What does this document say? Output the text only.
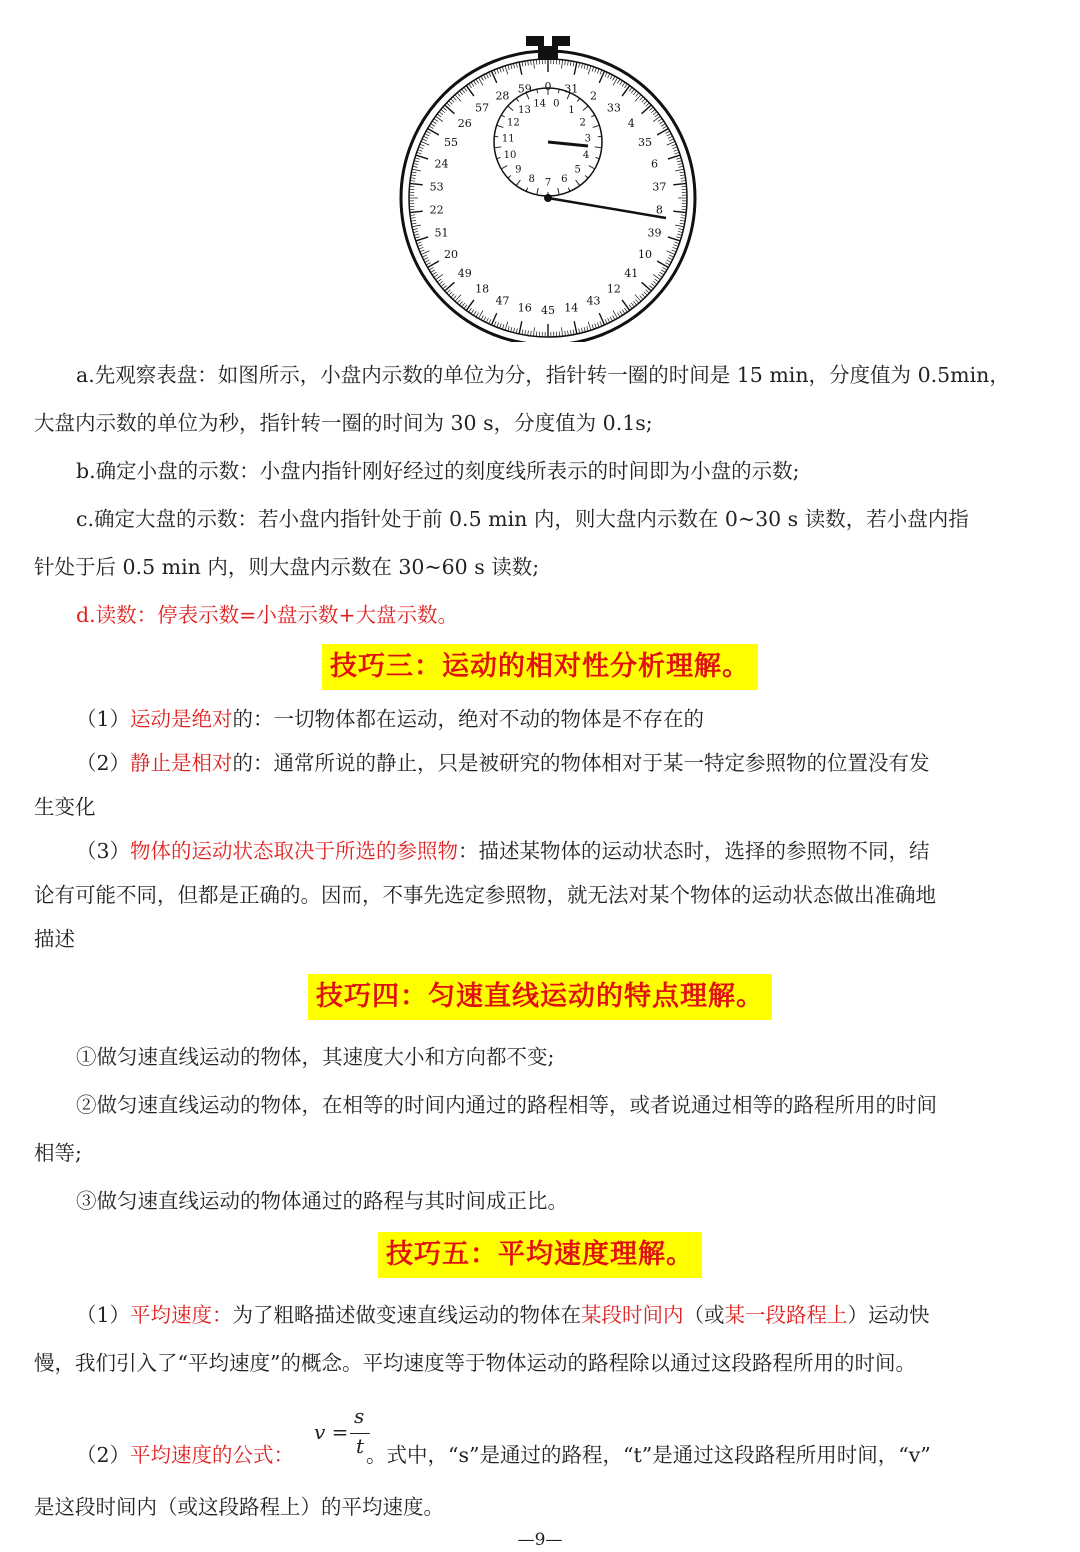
0 31
2
33
4
35
6
37
8
39
10
41
12
43
14
45
16
47
18
49
20
51
22
53
24
55
26
57
28
59
14 0
1
2
3
4
5
6
7
8
9
10
11
12
13
a.先观察表盘：如图所示，小盘内示数的单位为分，指针转一圈的时间是 15 min，分度值为 0.5min，
大盘内示数的单位为秒，指针转一圈的时间为 30 s，分度值为 0.1s;
b.确定小盘的示数：小盘内指针刚好经过的刻度线所表示的时间即为小盘的示数;
c.确定大盘的示数：若小盘内指针处于前 0.5 min 内，则大盘内示数在 0~30 s 读数，若小盘内指
针处于后 0.5 min 内，则大盘内示数在 30~60 s 读数;
d.读数：停表示数=小盘示数+大盘示数。
技巧三：运动的相对性分析理解。
（1）运动是绝对的：一切物体都在运动，绝对不动的物体是不存在的
（2）静止是相对的：通常所说的静止，只是被研究的物体相对于某一特定参照物的位置没有发
生变化
（3）物体的运动状态取决于所选的参照物：描述某物体的运动状态时，选择的参照物不同，结
论有可能不同，但都是正确的。因而，不事先选定参照物，就无法对某个物体的运动状态做出准确地
描述
技巧四：匀速直线运动的特点理解。
①做匀速直线运动的物体，其速度大小和方向都不变;
②做匀速直线运动的物体，在相等的时间内通过的路程相等，或者说通过相等的路程所用的时间
相等;
③做匀速直线运动的物体通过的路程与其时间成正比。
技巧五：平均速度理解。
（1）平均速度：为了粗略描述做变速直线运动的物体在某段时间内（或某一段路程上）运动快
慢，我们引入了“平均速度”的概念。平均速度等于物体运动的路程除以通过这段路程所用的时间。
v =
s
t
（2）平均速度的公式：	。式中，“s”是通过的路程，“t”是通过这段路程所用时间，“v”
是这段时间内（或这段路程上）的平均速度。
—9—
